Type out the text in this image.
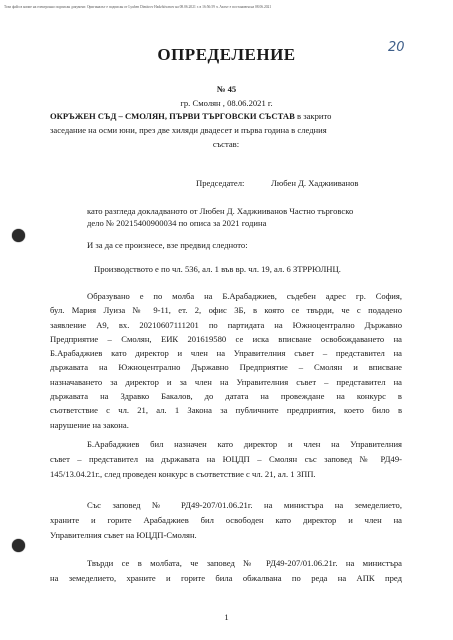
Този файл в копие на електронно подписан документ. Оригиналът е подписан от Lyuben Dimitrov Hadzhiivanov на 08.06.2021 г. в 16:56:59 ч. Актът е постановен на 08.06.2021
20
ОПРЕДЕЛЕНИЕ
№ 45
гр. Смолян , 08.06.2021 г.
ОКРЪЖЕН СЪД – СМОЛЯН, ПЪРВИ ТЪРГОВСКИ СЪСТАВ в закрито
заседание на осми юни, през две хиляди двадесет и първа година в следния
състав:
Председател:	Любен Д. Хаджииванов
като разгледа докладваното от Любен Д. Хаджииванов Частно търговско
дело № 20215400900034 по описа за 2021 година
И за да се произнесе, взе предвид следното:
Производството е по чл. 536, ал. 1 във вр. чл. 19, ал. 6 ЗТРРЮЛНЦ.
Образувано е по молба на Б.Арабаджиев, съдебен адрес гр. София,
бул. Мария Луиза № 9-11, ет. 2, офис 3Б, в която се твърди, че с подадено
заявление А9, вх. 20210607111201 по партидата на Южноцентрално Държавно
Предприятие – Смолян, ЕИК 201619580 се иска вписване освобождаването на
Б.Арабаджиев като директор и член на Управителния съвет – представител на
държавата на Южноцентрално Държавно Предприятие – Смолян и вписване
назначаването за директор и за член на Управителния съвет – представител на
държавата на Здравко Бакалов, до датата на провеждане на конкурс в
съответствие с чл. 21, ал. 1 Закона за публичните предприятия, което било в
нарушение на закона.
Б.Арабаджиев бил назначен като директор и член на Управителния
съвет – представител на държавата на ЮЦДП – Смолян със заповед № РД49-
145/13.04.21г., след проведен конкурс в съответствие с чл. 21, ал. 1 ЗПП.
Със заповед № РД49-207/01.06.21г. на министъра на земеделието,
храните и горите Арабаджиев бил освободен като директор и член на
Управителния съвет на ЮЦДП-Смолян.
Твърди се в молбата, че заповед № РД49-207/01.06.21г. на министъра
на земеделието, храните и горите била обжалвана по реда на АПК пред
1
